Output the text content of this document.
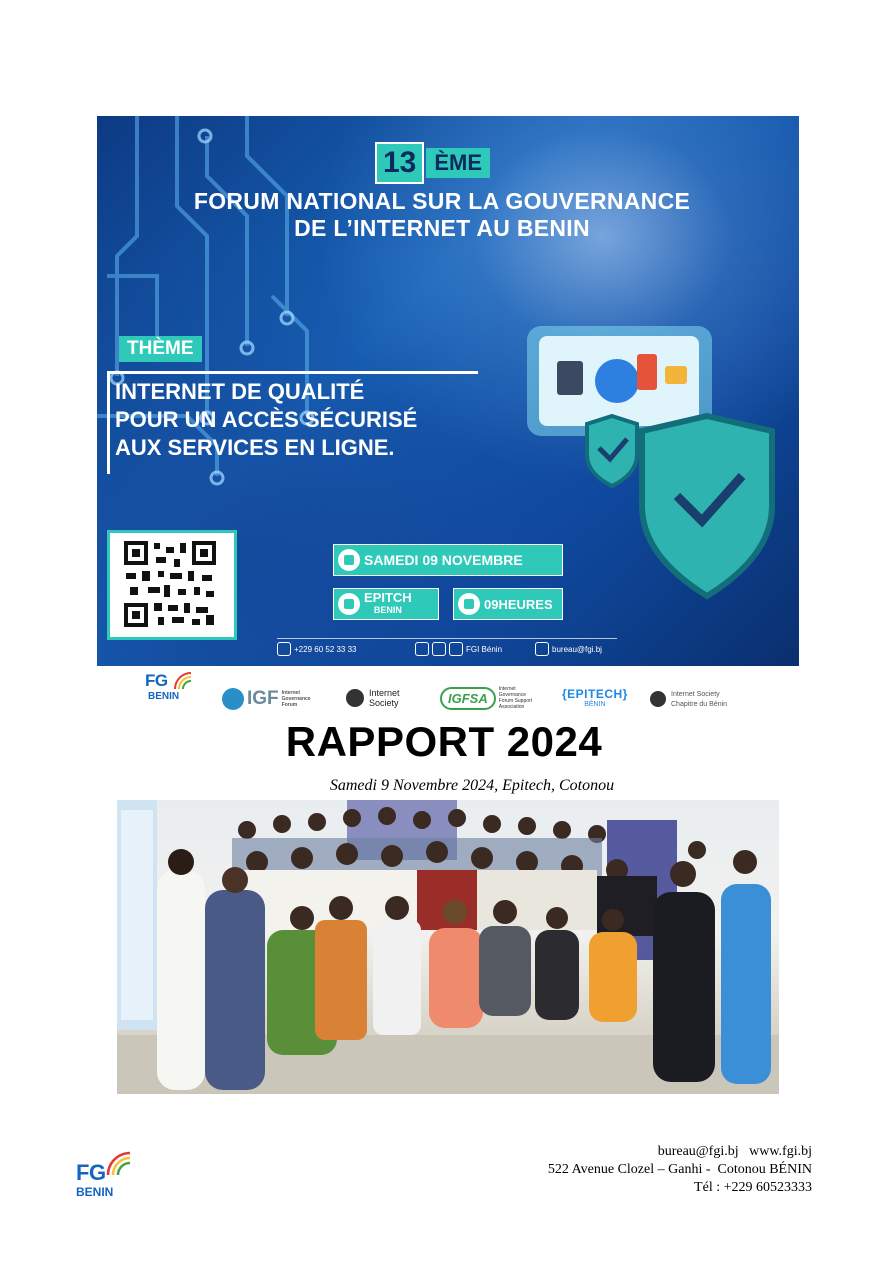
13 ÈME
FORUM NATIONAL SUR LA GOUVERNANCE DE L’INTERNET AU BENIN
THÈME
INTERNET DE QUALITÉ
POUR UN ACCÈS SÉCURISÉ
AUX SERVICES EN LIGNE.
SAMEDI 09 NOVEMBRE
EPITCH
BENIN	09HEURES
+229 60 52 33 33	FGI Bénin	bureau@fgi.bj
FG
BENIN	IGF Internet Governance Forum
Internet
Society	IGFSA
Internet Governance Forum Support Association
{EPITECH}
BÉNIN
Internet Society
Chapitre du Bénin
RAPPORT 2024
Samedi 9 Novembre 2024, Epitech, Cotonou
FG
BENIN
bureau@fgi.bj   www.fgi.bj
522 Avenue Clozel – Ganhi -  Cotonou BÉNIN
Tél : +229 60523333
